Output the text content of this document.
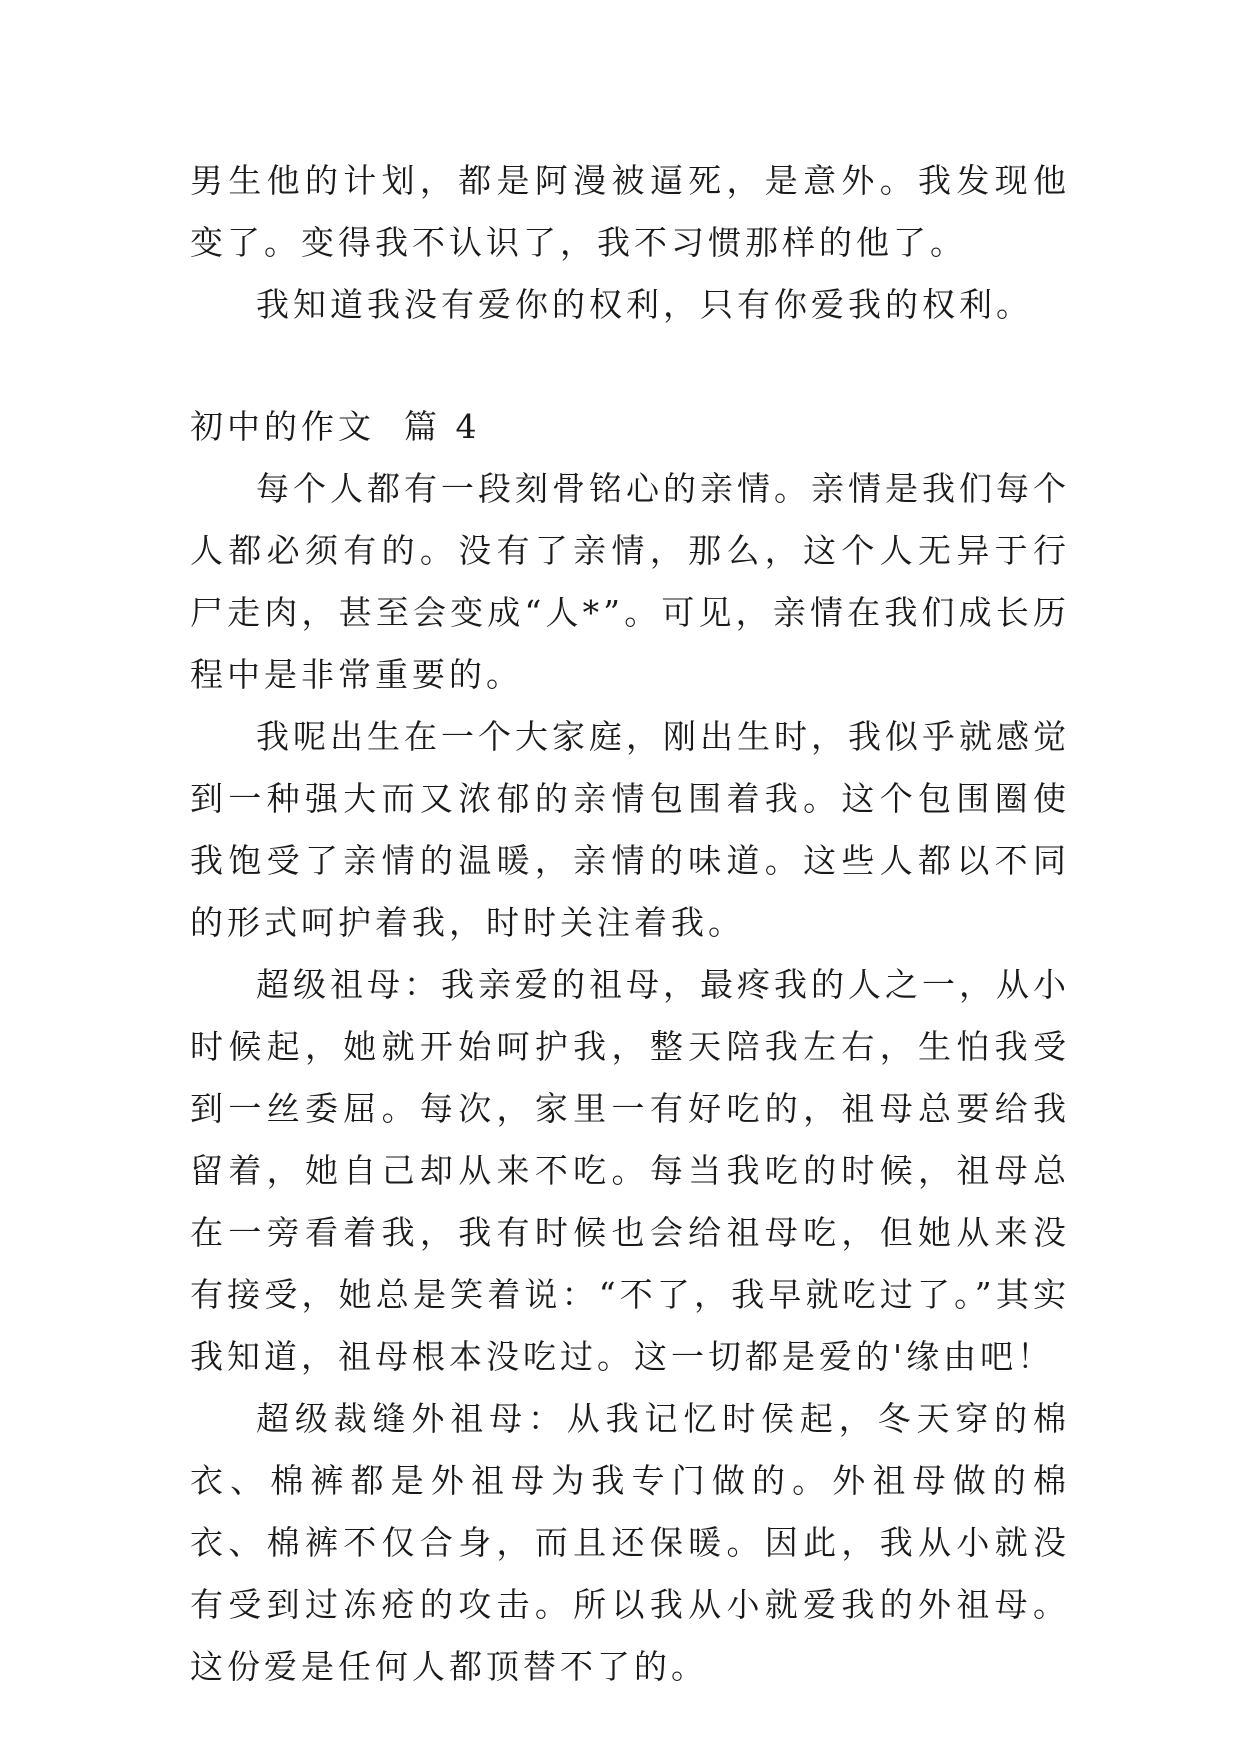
男生他的计划，都是阿漫被逼死，是意外。我发现他变了。变得我不认识了，我不习惯那样的他了。

我知道我没有爱你的权利，只有你爱我的权利。

初中的作文  篇 4

每个人都有一段刻骨铭心的亲情。亲情是我们每个人都必须有的。没有了亲情，那么，这个人无异于行尸走肉，甚至会变成“人*”。可见，亲情在我们成长历程中是非常重要的。

我呢出生在一个大家庭，刚出生时，我似乎就感觉到一种强大而又浓郁的亲情包围着我。这个包围圈使我饱受了亲情的温暖，亲情的味道。这些人都以不同的形式呵护着我，时时关注着我。

超级祖母：我亲爱的祖母，最疼我的人之一，从小时候起，她就开始呵护我，整天陪我左右，生怕我受到一丝委屈。每次，家里一有好吃的，祖母总要给我留着，她自己却从来不吃。每当我吃的时候，祖母总在一旁看着我，我有时候也会给祖母吃，但她从来没有接受，她总是笑着说：“不了，我早就吃过了。”其实我知道，祖母根本没吃过。这一切都是爱的'缘由吧！

超级裁缝外祖母：从我记忆时侯起，冬天穿的棉衣、棉裤都是外祖母为我专门做的。外祖母做的棉衣、棉裤不仅合身，而且还保暖。因此，我从小就没有受到过冻疮的攻击。所以我从小就爱我的外祖母。这份爱是任何人都顶替不了的。
